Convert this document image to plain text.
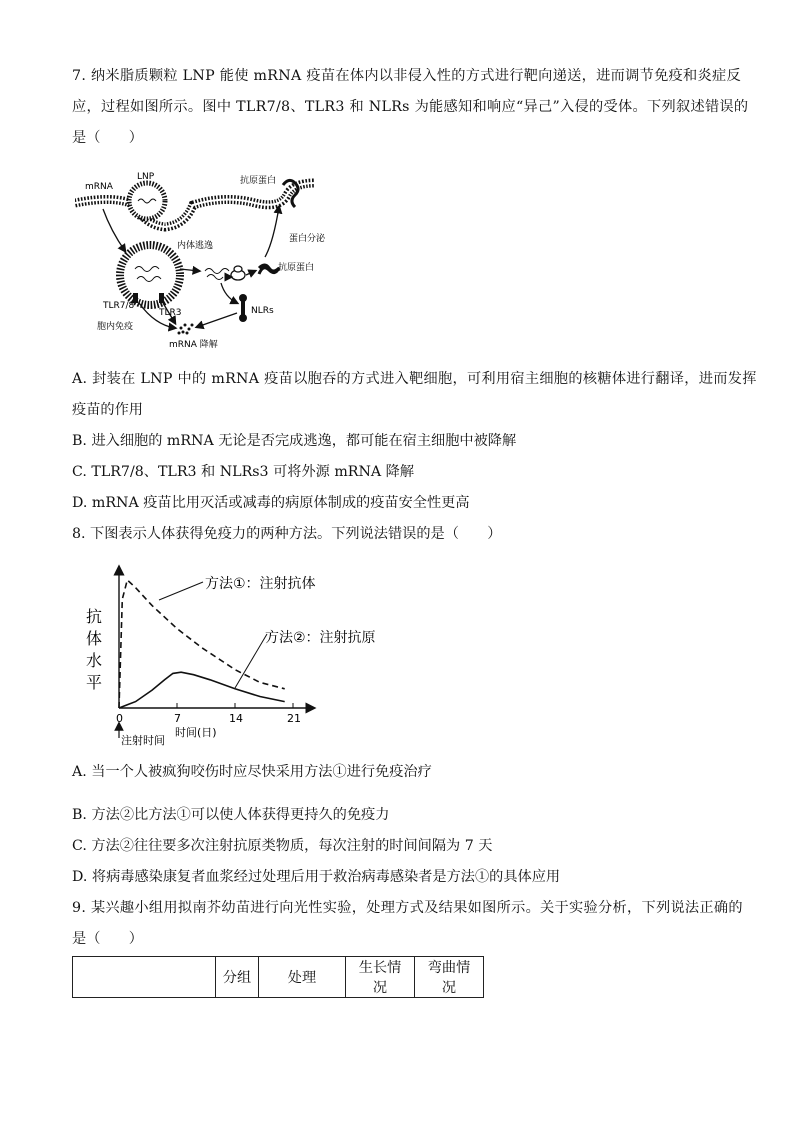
7. 纳米脂质颗粒 LNP 能使 mRNA 疫苗在体内以非侵入性的方式进行靶向递送，进而调节免疫和炎症反

应，过程如图所示。图中 TLR7/8、TLR3 和 NLRs 为能感知和响应“异己”入侵的受体。下列叙述错误的

是（　　）

mRNA
LNP	抗原蛋白
蛋白分泌
内体逃逸
抗原蛋白
TLR7/8
TLR3	NLRs
胞内免疫
mRNA 降解

A. 封装在 LNP 中的 mRNA 疫苗以胞吞的方式进入靶细胞，可利用宿主细胞的核糖体进行翻译，进而发挥

疫苗的作用

B. 进入细胞的 mRNA 无论是否完成逃逸，都可能在宿主细胞中被降解

C. TLR7/8、TLR3 和 NLRs3 可将外源 mRNA 降解

D. mRNA 疫苗比用灭活或减毒的病原体制成的疫苗安全性更高

8. 下图表示人体获得免疫力的两种方法。下列说法错误的是（　　）

抗体水平
0	7	14	21
方法①：注射抗体
方法②：注射抗原
注射时间
时间(日)

A. 当一个人被疯狗咬伤时应尽快采用方法①进行免疫治疗

B. 方法②比方法①可以使人体获得更持久的免疫力

C. 方法②往往要多次注射抗原类物质，每次注射的时间间隔为 7 天

D. 将病毒感染康复者血浆经过处理后用于救治病毒感染者是方法①的具体应用

9. 某兴趣小组用拟南芥幼苗进行向光性实验，处理方式及结果如图所示。关于实验分析，下列说法正确的

是（　　）

	分组	处理	生长情况	弯曲情况
